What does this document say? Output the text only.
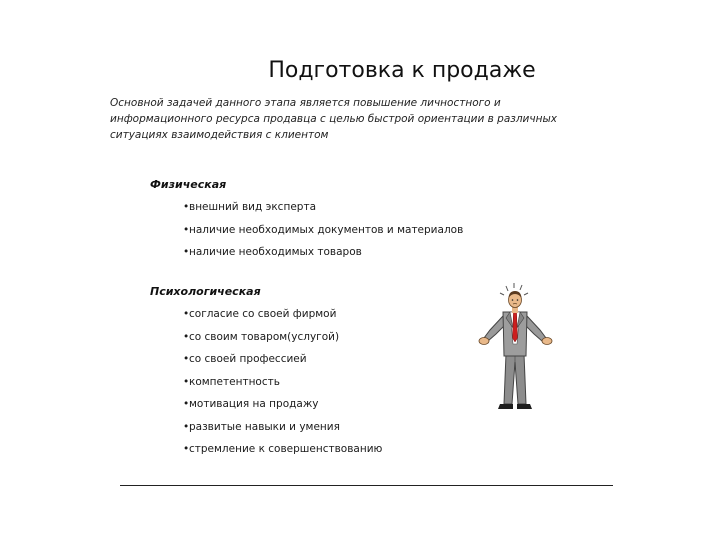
Подготовка к продаже
Основной задачей данного этапа является повышение личностного и информационного ресурса продавца с целью быстрой ориентации в различных ситуациях взаимодействия с клиентом
Физическая
•внешний вид эксперта
•наличие необходимых документов и материалов
•наличие необходимых товаров
Психологическая
•согласие со своей фирмой
•со своим товаром(услугой)
•со своей профессией
•компетентность
•мотивация на продажу
•развитые навыки и умения
•стремление к совершенствованию
